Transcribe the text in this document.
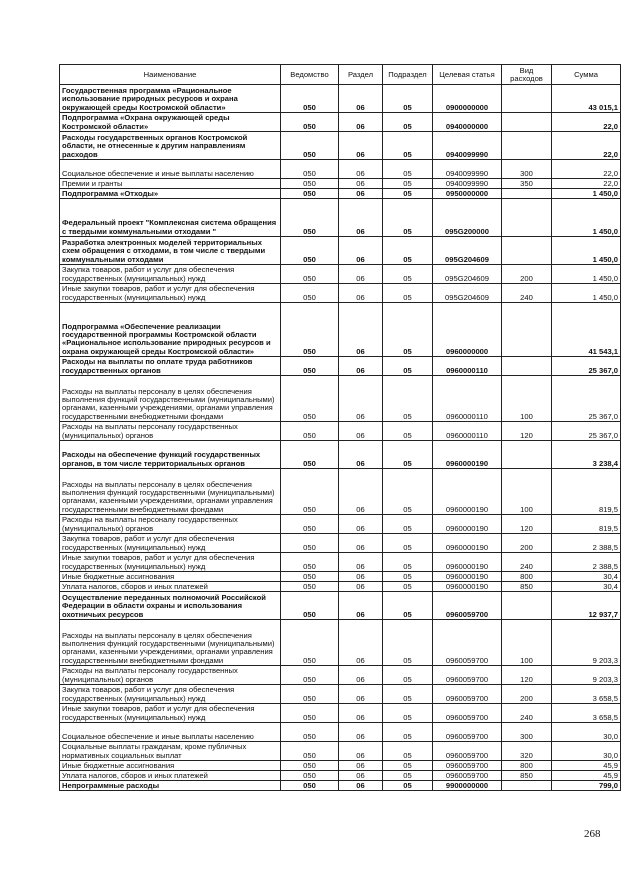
Наименование	Ведомство	Раздел	Подраздел	Целевая статья	Вид расходов	Сумма
Государственная программа «Рациональное использование природных ресурсов и охрана окружающей среды Костромской области»	050	06	05	0900000000		43 015,1
Подпрограмма «Охрана окружающей среды Костромской области»	050	06	05	0940000000		22,0
Расходы государственных органов Костромской области, не отнесенные к другим направлениям расходов	050	06	05	0940099990		22,0
Социальное обеспечение и иные выплаты населению	050	06	05	0940099990	300	22,0
Премии и гранты	050	06	05	0940099990	350	22,0
Подпрограмма «Отходы»	050	06	05	0950000000		1 450,0
Федеральный проект "Комплексная система обращения с твердыми коммунальными отходами "	050	06	05	095G200000		1 450,0
Разработка электронных моделей территориальных схем обращения с отходами, в том числе с твердыми коммунальными отходами	050	06	05	095G204609		1 450,0
Закупка товаров, работ и услуг для обеспечения государственных (муниципальных) нужд	050	06	05	095G204609	200	1 450,0
Иные закупки товаров, работ и услуг для обеспечения государственных (муниципальных) нужд	050	06	05	095G204609	240	1 450,0
Подпрограмма «Обеспечение реализации государственной программы Костромской области «Рациональное использование природных ресурсов и охрана окружающей среды Костромской области»	050	06	05	0960000000		41 543,1
Расходы на выплаты по оплате труда работников государственных органов	050	06	05	0960000110		25 367,0
Расходы на выплаты персоналу в целях обеспечения выполнения функций государственными (муниципальными) органами, казенными учреждениями, органами управления государственными внебюджетными фондами	050	06	05	0960000110	100	25 367,0
Расходы на выплаты персоналу государственных (муниципальных) органов	050	06	05	0960000110	120	25 367,0
Расходы на обеспечение функций государственных органов, в том числе территориальных органов	050	06	05	0960000190		3 238,4
Расходы на выплаты персоналу в целях обеспечения выполнения функций государственными (муниципальными) органами, казенными учреждениями, органами управления государственными внебюджетными фондами	050	06	05	0960000190	100	819,5
Расходы на выплаты персоналу государственных (муниципальных) органов	050	06	05	0960000190	120	819,5
Закупка товаров, работ и услуг для обеспечения государственных (муниципальных) нужд	050	06	05	0960000190	200	2 388,5
Иные закупки товаров, работ и услуг для обеспечения государственных (муниципальных) нужд	050	06	05	0960000190	240	2 388,5
Иные бюджетные ассигнования	050	06	05	0960000190	800	30,4
Уплата налогов, сборов и иных платежей	050	06	05	0960000190	850	30,4
Осуществление переданных полномочий Российской Федерации в области охраны и использования охотничьих ресурсов	050	06	05	0960059700		12 937,7
Расходы на выплаты персоналу в целях обеспечения выполнения функций государственными (муниципальными) органами, казенными учреждениями, органами управления государственными внебюджетными фондами	050	06	05	0960059700	100	9 203,3
Расходы на выплаты персоналу государственных (муниципальных) органов	050	06	05	0960059700	120	9 203,3
Закупка товаров, работ и услуг для обеспечения государственных (муниципальных) нужд	050	06	05	0960059700	200	3 658,5
Иные закупки товаров, работ и услуг для обеспечения государственных (муниципальных) нужд	050	06	05	0960059700	240	3 658,5
Социальное обеспечение и иные выплаты населению	050	06	05	0960059700	300	30,0
Социальные выплаты гражданам, кроме публичных нормативных социальных выплат	050	06	05	0960059700	320	30,0
Иные бюджетные ассигнования	050	06	05	0960059700	800	45,9
Уплата налогов, сборов и иных платежей	050	06	05	0960059700	850	45,9
Непрограммные расходы	050	06	05	9900000000		799,0
268
